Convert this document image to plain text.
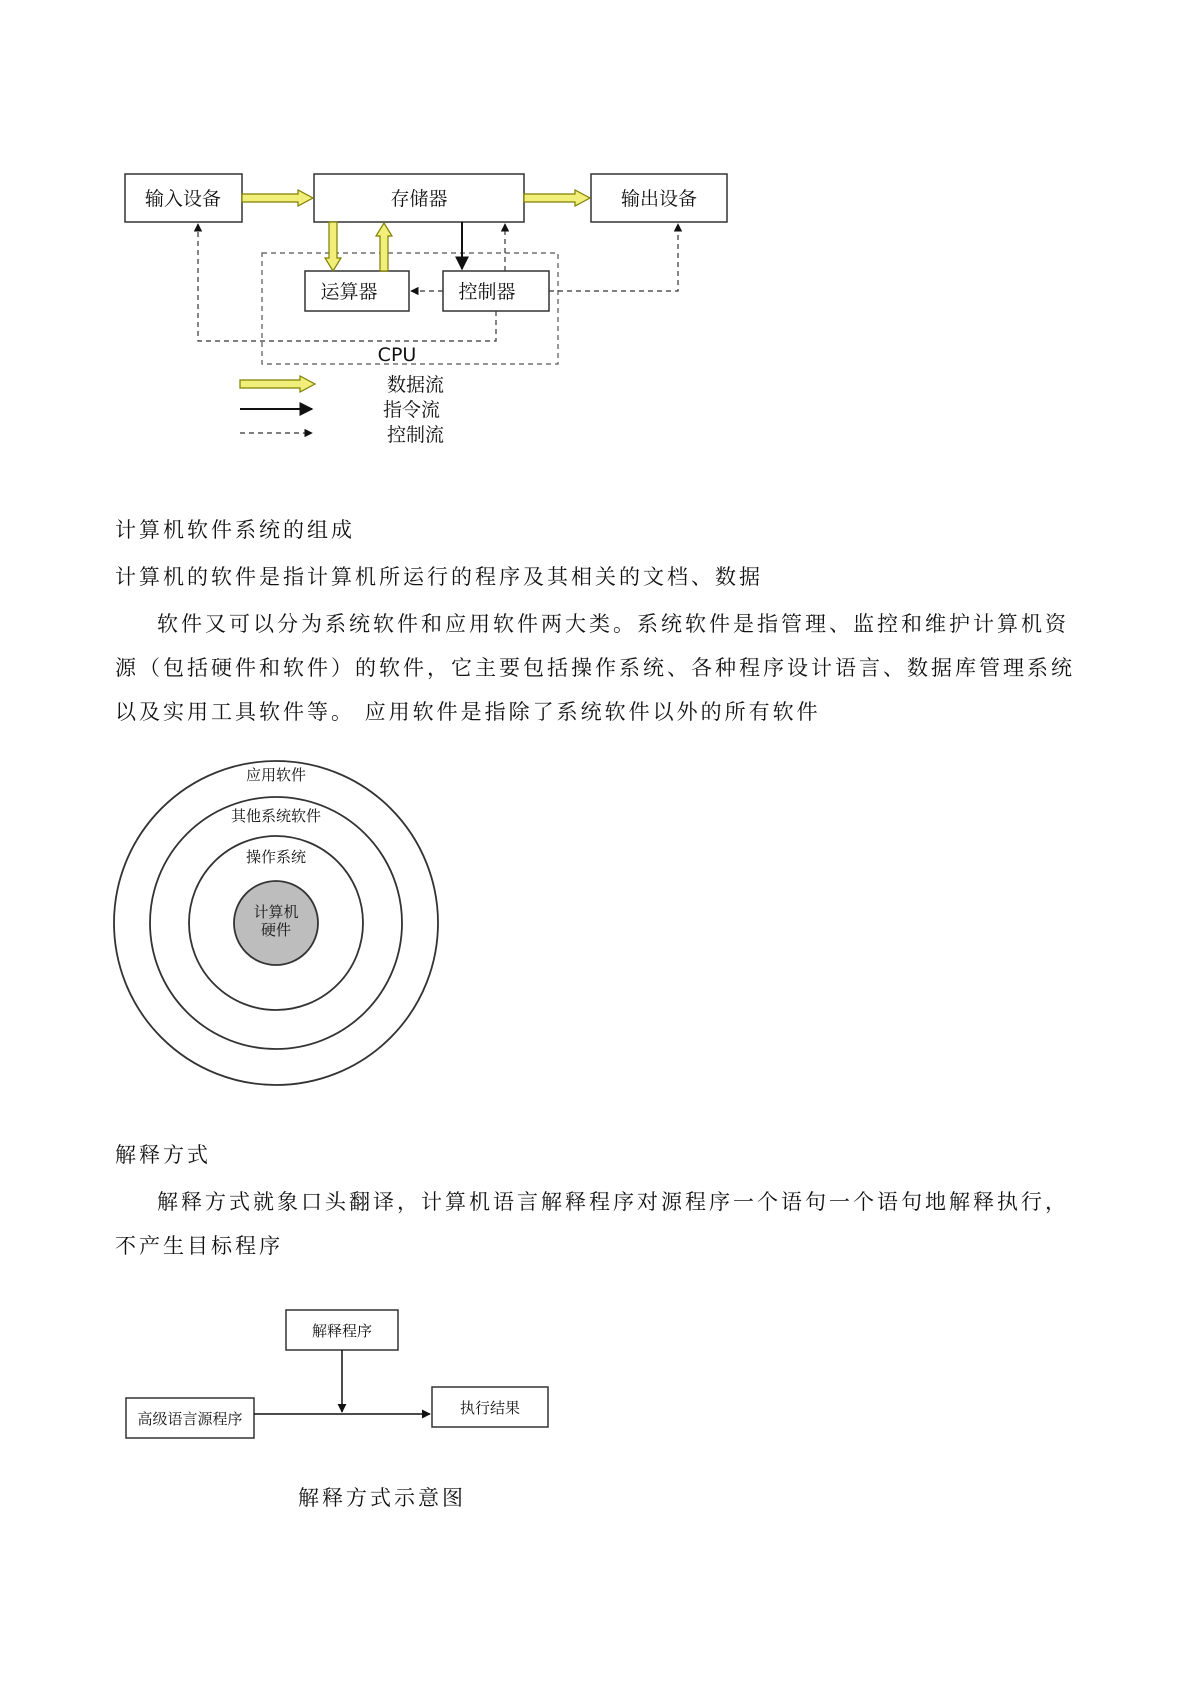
输入设备	存储器	输出设备
运算器	控制器
CPU
数据流
指令流
控制流
计算机软件系统的组成
计算机的软件是指计算机所运行的程序及其相关的文档、数据
软件又可以分为系统软件和应用软件两大类。系统软件是指管理、监控和维护计算机资源（包括硬件和软件）的软件，它主要包括操作系统、各种程序设计语言、数据库管理系统以及实用工具软件等。 应用软件是指除了系统软件以外的所有软件
应用软件
其他系统软件
操作系统
计算机
硬件
解释方式
解释方式就象口头翻译，计算机语言解释程序对源程序一个语句一个语句地解释执行，不产生目标程序
解释程序
高级语言源程序
执行结果
解释方式示意图
